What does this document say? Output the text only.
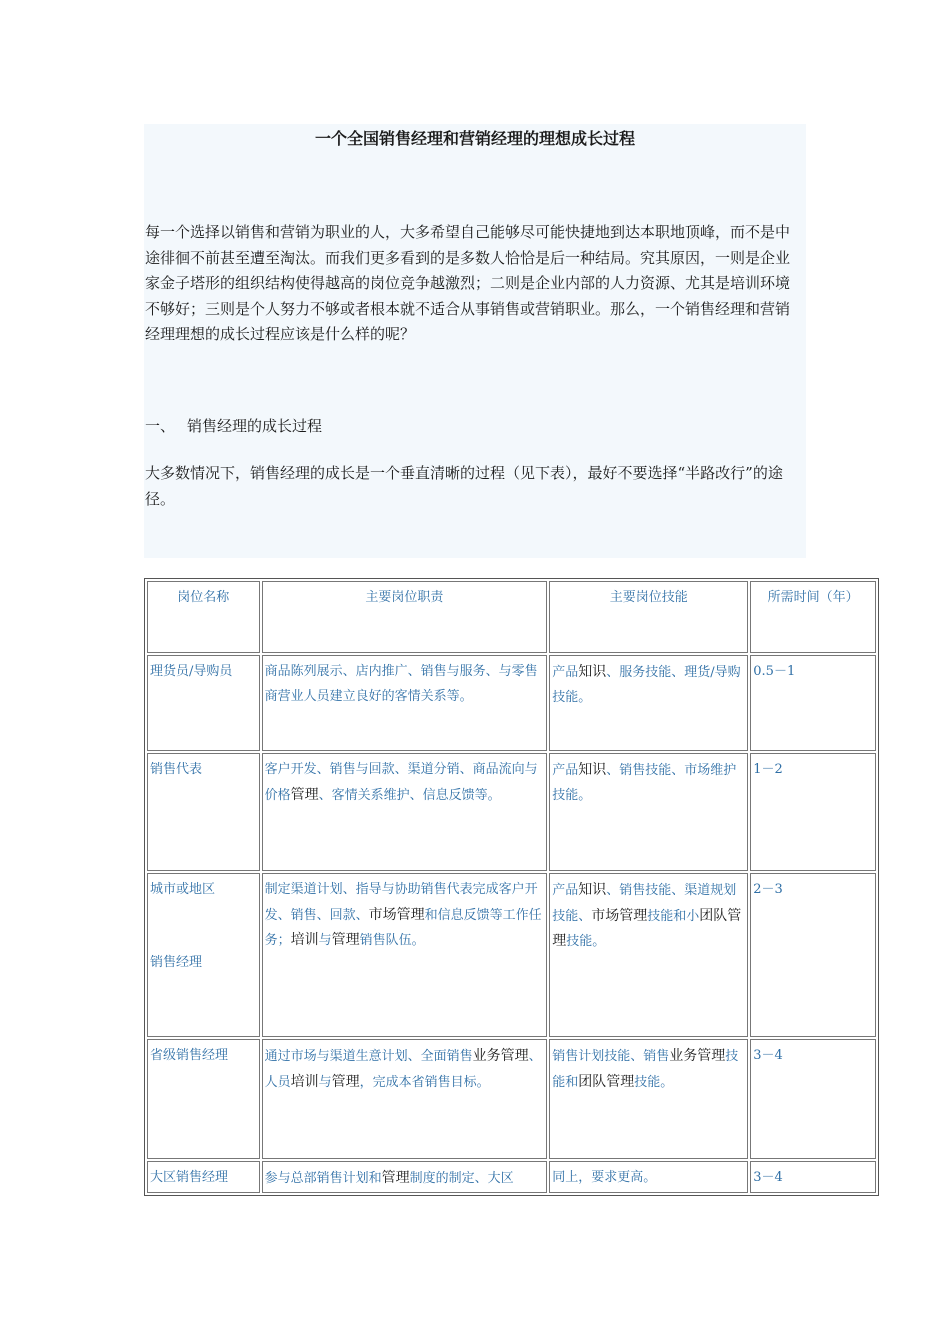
一个全国销售经理和营销经理的理想成长过程

每一个选择以销售和营销为职业的人，大多希望自己能够尽可能快捷地到达本职地顶峰，而不是中途徘徊不前甚至遭至淘汰。而我们更多看到的是多数人恰恰是后一种结局。究其原因，一则是企业家金子塔形的组织结构使得越高的岗位竞争越激烈；二则是企业内部的人力资源、尤其是培训环境不够好；三则是个人努力不够或者根本就不适合从事销售或营销职业。那么，一个销售经理和营销经理理想的成长过程应该是什么样的呢？

一、 销售经理的成长过程

大多数情况下，销售经理的成长是一个垂直清晰的过程（见下表），最好不要选择“半路改行”的途径。

岗位名称	主要岗位职责	主要岗位技能	所需时间（年）
理货员/导购员	商品陈列展示、店内推广、销售与服务、与零售商营业人员建立良好的客情关系等。	产品知识、服务技能、理货/导购技能。	0.5－1
销售代表	客户开发、销售与回款、渠道分销、商品流向与价格管理、客情关系维护、信息反馈等。	产品知识、销售技能、市场维护技能。	1－2

城市或地区
销售经理	制定渠道计划、指导与协助销售代表完成客户开发、销售、回款、市场管理和信息反馈等工作任务；培训与管理销售队伍。	产品知识、销售技能、渠道规划技能、市场管理技能和小团队管理技能。	2－3
省级销售经理	通过市场与渠道生意计划、全面销售业务管理、人员培训与管理，完成本省销售目标。	销售计划技能、销售业务管理技能和团队管理技能。	3－4
大区销售经理	参与总部销售计划和管理制度的制定、大区	同上，要求更高。	3－4
